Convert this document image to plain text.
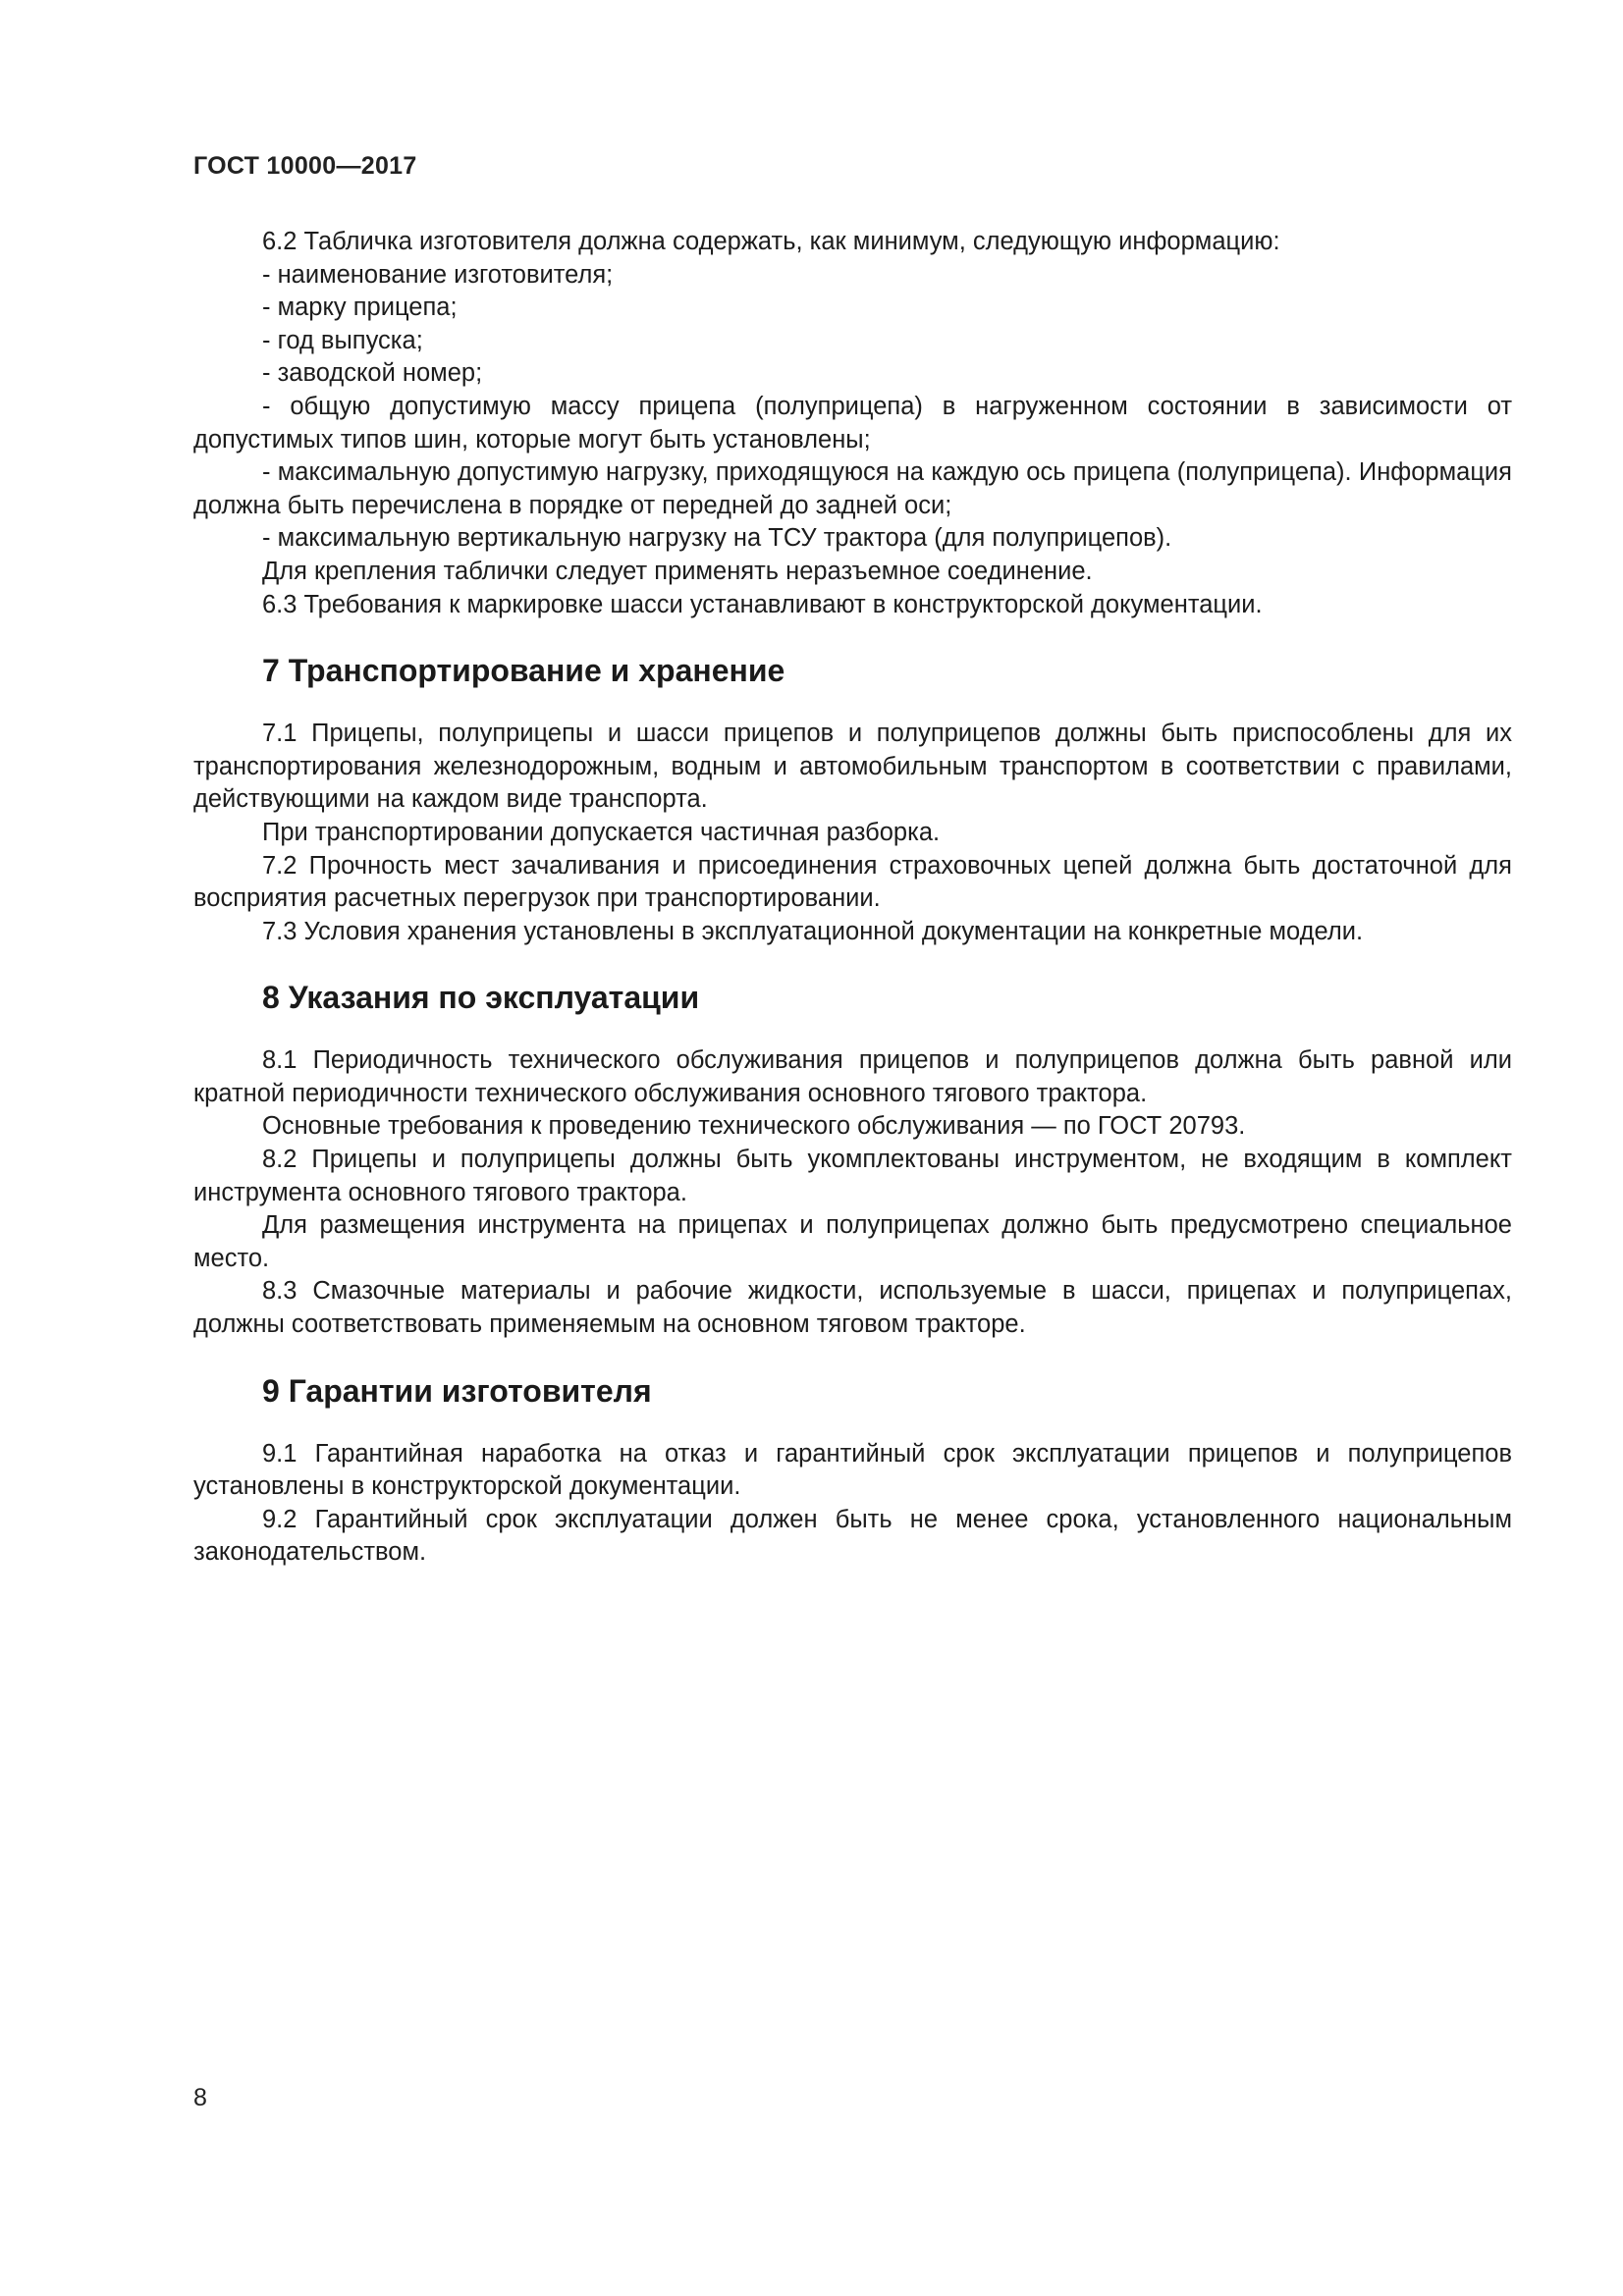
ГОСТ 10000—2017

6.2 Табличка изготовителя должна содержать, как минимум, следующую информацию:

- наименование изготовителя;

- марку прицепа;

- год выпуска;

- заводской номер;

- общую допустимую массу прицепа (полуприцепа) в нагруженном состоянии в зависимости от допустимых типов шин, которые могут быть установлены;

- максимальную допустимую нагрузку, приходящуюся на каждую ось прицепа (полуприцепа). Информация должна быть перечислена в порядке от передней до задней оси;

- максимальную вертикальную нагрузку на ТСУ трактора (для полуприцепов).

Для крепления таблички следует применять неразъемное соединение.

6.3 Требования к маркировке шасси устанавливают в конструкторской документации.

7 Транспортирование и хранение

7.1 Прицепы, полуприцепы и шасси прицепов и полуприцепов должны быть приспособлены для их транспортирования железнодорожным, водным и автомобильным транспортом в соответствии с правилами, действующими на каждом виде транспорта.

При транспортировании допускается частичная разборка.

7.2 Прочность мест зачаливания и присоединения страховочных цепей должна быть достаточной для восприятия расчетных перегрузок при транспортировании.

7.3 Условия хранения установлены в эксплуатационной документации на конкретные модели.

8 Указания по эксплуатации

8.1 Периодичность технического обслуживания прицепов и полуприцепов должна быть равной или кратной периодичности технического обслуживания основного тягового трактора.

Основные требования к проведению технического обслуживания — по ГОСТ 20793.

8.2 Прицепы и полуприцепы должны быть укомплектованы инструментом, не входящим в комплект инструмента основного тягового трактора.

Для размещения инструмента на прицепах и полуприцепах должно быть предусмотрено специальное место.

8.3 Смазочные материалы и рабочие жидкости, используемые в шасси, прицепах и полуприцепах, должны соответствовать применяемым на основном тяговом тракторе.

9 Гарантии изготовителя

9.1 Гарантийная наработка на отказ и гарантийный срок эксплуатации прицепов и полуприцепов установлены в конструкторской документации.

9.2 Гарантийный срок эксплуатации должен быть не менее срока, установленного национальным законодательством.

8
